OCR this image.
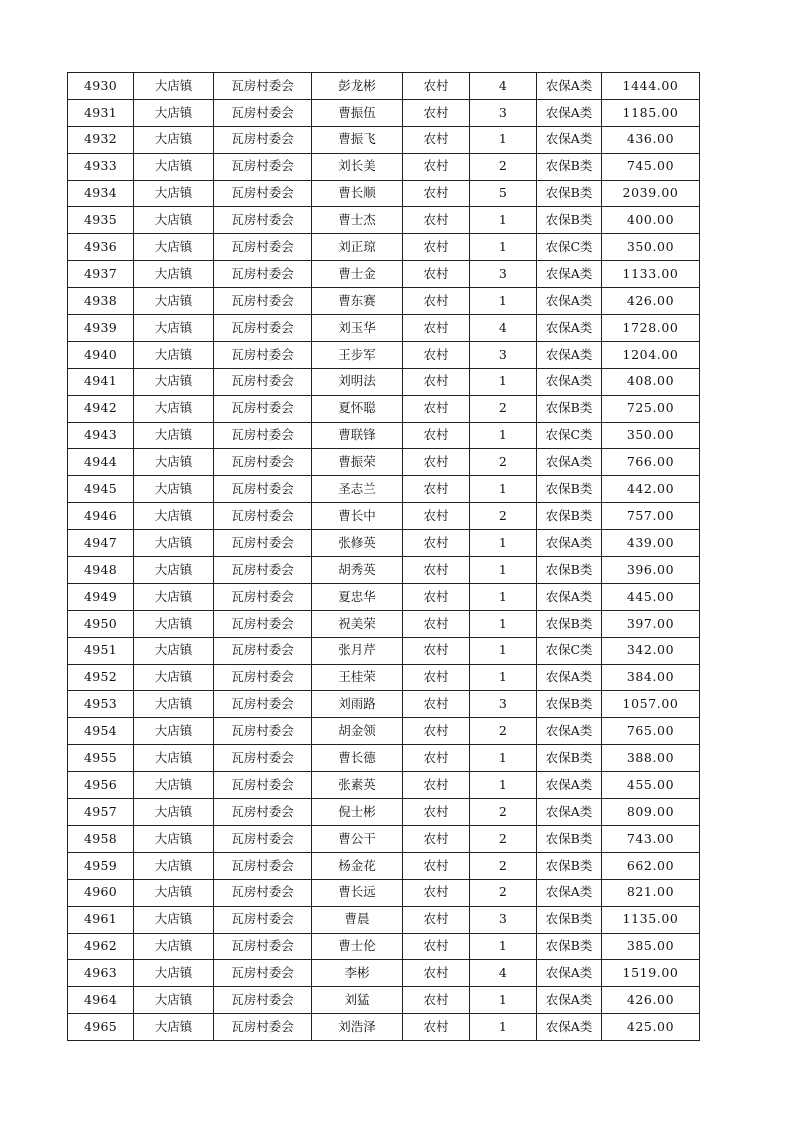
4930	大店镇	瓦房村委会	彭龙彬	农村	4	农保A类	1444.00
4931	大店镇	瓦房村委会	曹振伍	农村	3	农保A类	1185.00
4932	大店镇	瓦房村委会	曹振飞	农村	1	农保A类	436.00
4933	大店镇	瓦房村委会	刘长美	农村	2	农保B类	745.00
4934	大店镇	瓦房村委会	曹长顺	农村	5	农保B类	2039.00
4935	大店镇	瓦房村委会	曹士杰	农村	1	农保B类	400.00
4936	大店镇	瓦房村委会	刘正琼	农村	1	农保C类	350.00
4937	大店镇	瓦房村委会	曹士金	农村	3	农保A类	1133.00
4938	大店镇	瓦房村委会	曹东赛	农村	1	农保A类	426.00
4939	大店镇	瓦房村委会	刘玉华	农村	4	农保A类	1728.00
4940	大店镇	瓦房村委会	王步军	农村	3	农保A类	1204.00
4941	大店镇	瓦房村委会	刘明法	农村	1	农保A类	408.00
4942	大店镇	瓦房村委会	夏怀聪	农村	2	农保B类	725.00
4943	大店镇	瓦房村委会	曹联锋	农村	1	农保C类	350.00
4944	大店镇	瓦房村委会	曹振荣	农村	2	农保A类	766.00
4945	大店镇	瓦房村委会	圣志兰	农村	1	农保B类	442.00
4946	大店镇	瓦房村委会	曹长中	农村	2	农保B类	757.00
4947	大店镇	瓦房村委会	张修英	农村	1	农保A类	439.00
4948	大店镇	瓦房村委会	胡秀英	农村	1	农保B类	396.00
4949	大店镇	瓦房村委会	夏忠华	农村	1	农保A类	445.00
4950	大店镇	瓦房村委会	祝美荣	农村	1	农保B类	397.00
4951	大店镇	瓦房村委会	张月芹	农村	1	农保C类	342.00
4952	大店镇	瓦房村委会	王桂荣	农村	1	农保A类	384.00
4953	大店镇	瓦房村委会	刘雨路	农村	3	农保B类	1057.00
4954	大店镇	瓦房村委会	胡金领	农村	2	农保A类	765.00
4955	大店镇	瓦房村委会	曹长德	农村	1	农保B类	388.00
4956	大店镇	瓦房村委会	张素英	农村	1	农保A类	455.00
4957	大店镇	瓦房村委会	倪士彬	农村	2	农保A类	809.00
4958	大店镇	瓦房村委会	曹公干	农村	2	农保B类	743.00
4959	大店镇	瓦房村委会	杨金花	农村	2	农保B类	662.00
4960	大店镇	瓦房村委会	曹长远	农村	2	农保A类	821.00
4961	大店镇	瓦房村委会	曹晨	农村	3	农保B类	1135.00
4962	大店镇	瓦房村委会	曹士伦	农村	1	农保B类	385.00
4963	大店镇	瓦房村委会	李彬	农村	4	农保A类	1519.00
4964	大店镇	瓦房村委会	刘猛	农村	1	农保A类	426.00
4965	大店镇	瓦房村委会	刘浩泽	农村	1	农保A类	425.00
